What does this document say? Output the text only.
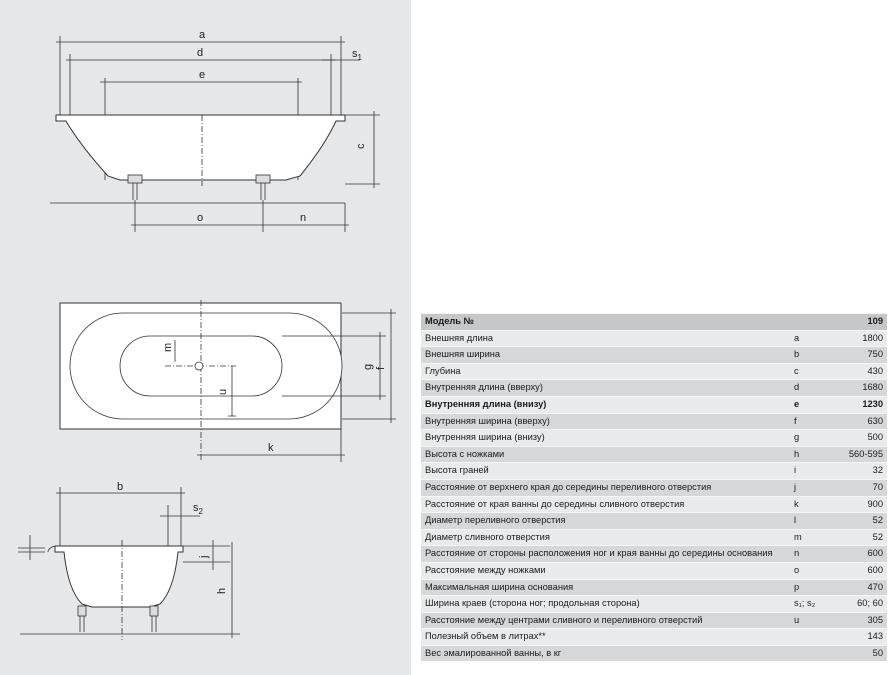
a
d
e
$s_1$
c
o	n
m
u
g f
k
b
$s_2$
j
h
Модель №		109
Внешняя длина	a	1800
Внешняя ширина	b	750
Глубина	c	430
Внутренняя длина (вверху)	d	1680
Внутренняя длина (внизу)	e	1230
Внутренняя ширина (вверху)	f	630
Внутренняя ширина (внизу)	g	500
Высота с ножками	h	560-595
Высота граней	i	32
Расстояние от верхнего края до середины переливного отверстия	j	70
Расстояние от края ванны до середины сливного отверстия	k	900
Диаметр переливного отверстия	l	52
Диаметр сливного отверстия	m	52
Расстояние от стороны расположения ног и края ванны до середины основания	n	600
Расстояние между ножками	o	600
Максимальная ширина основания	p	470
Ширина краев (сторона ног; продольная сторона)	s₁; s₂	60; 60
Расстояние между центрами сливного и переливного отверстий	u	305
Полезный объем в литрах**		143
Вес эмалированной ванны, в кг		50
